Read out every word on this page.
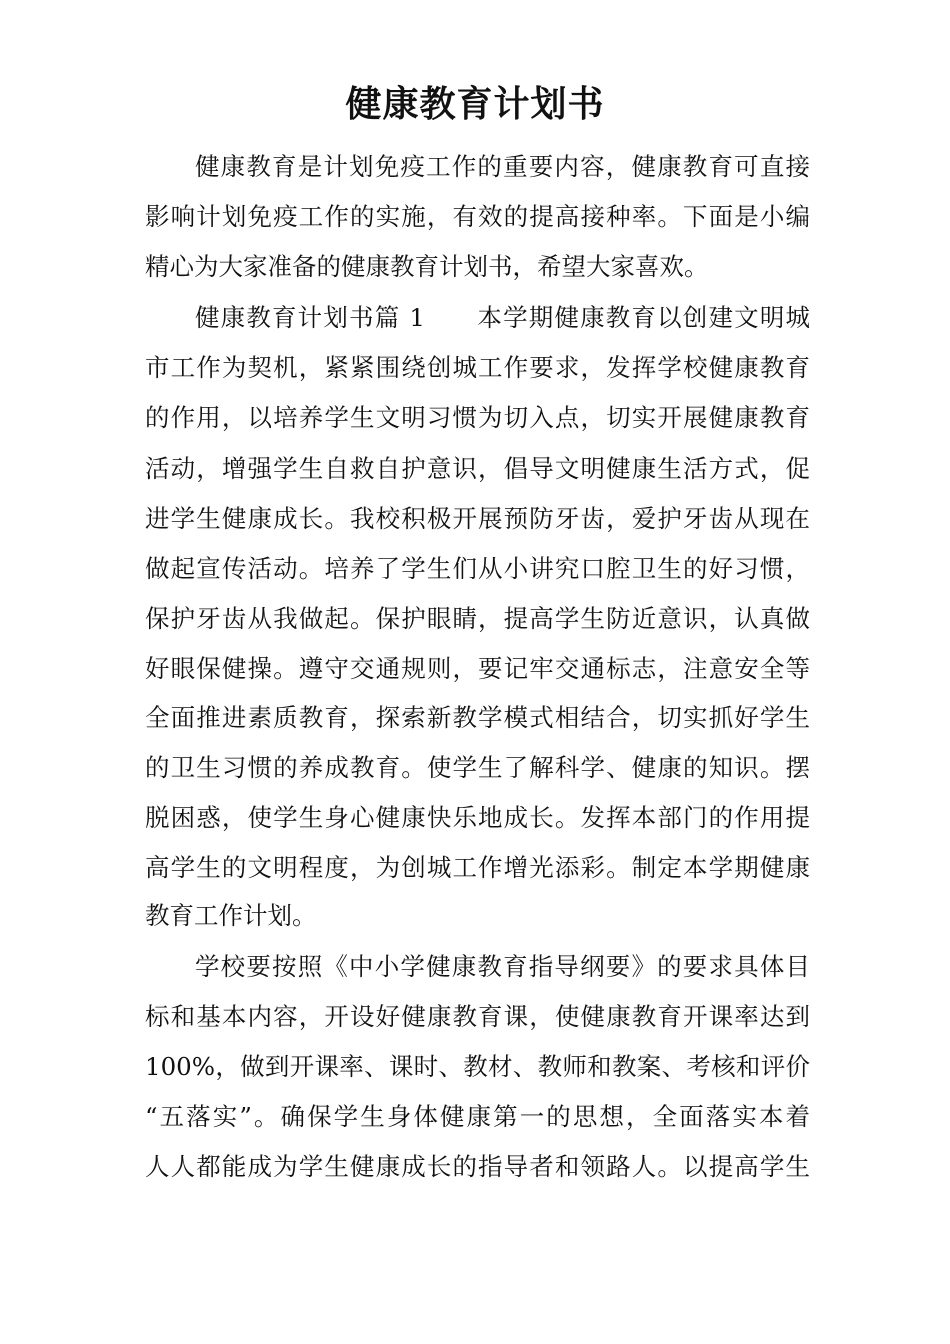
健康教育计划书
健康教育是计划免疫工作的重要内容，健康教育可直接
影响计划免疫工作的实施，有效的提高接种率。下面是小编
精心为大家准备的健康教育计划书，希望大家喜欢。
健康教育计划书篇 1　　本学期健康教育以创建文明城
市工作为契机，紧紧围绕创城工作要求，发挥学校健康教育
的作用，以培养学生文明习惯为切入点，切实开展健康教育
活动，增强学生自救自护意识，倡导文明健康生活方式，促
进学生健康成长。我校积极开展预防牙齿，爱护牙齿从现在
做起宣传活动。培养了学生们从小讲究口腔卫生的好习惯，
保护牙齿从我做起。保护眼睛，提高学生防近意识，认真做
好眼保健操。遵守交通规则，要记牢交通标志，注意安全等
全面推进素质教育，探索新教学模式相结合，切实抓好学生
的卫生习惯的养成教育。使学生了解科学、健康的知识。摆
脱困惑，使学生身心健康快乐地成长。发挥本部门的作用提
高学生的文明程度，为创城工作增光添彩。制定本学期健康
教育工作计划。
学校要按照《中小学健康教育指导纲要》的要求具体目
标和基本内容，开设好健康教育课，使健康教育开课率达到
100%，做到开课率、课时、教材、教师和教案、考核和评价
“五落实”。确保学生身体健康第一的思想，全面落实本着
人人都能成为学生健康成长的指导者和领路人。以提高学生
